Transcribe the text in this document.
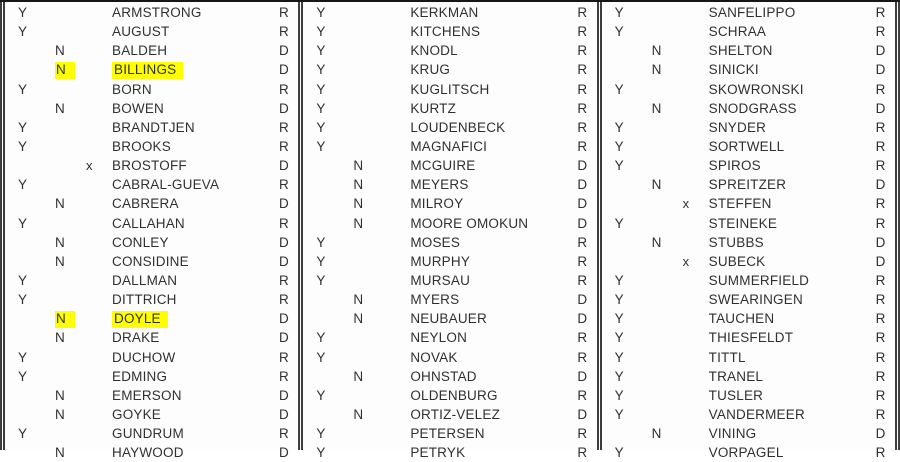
Y	ARMSTRONG	R
Y	AUGUST	R
N	BALDEH	D
N	BILLINGS	D
Y	BORN	R
N	BOWEN	D
Y	BRANDTJEN	R
Y	BROOKS	R
x	BROSTOFF	D
Y	CABRAL-GUEVA	R
N	CABRERA	D
Y	CALLAHAN	R
N	CONLEY	D
N	CONSIDINE	D
Y	DALLMAN	R
Y	DITTRICH	R
N	DOYLE	D
N	DRAKE	D
Y	DUCHOW	R
Y	EDMING	R
N	EMERSON	D
N	GOYKE	D
Y	GUNDRUM	R
N	HAYWOOD	D
Y	KERKMAN	R
Y	KITCHENS	R
Y	KNODL	R
Y	KRUG	R
Y	KUGLITSCH	R
Y	KURTZ	R
Y	LOUDENBECK	R
Y	MAGNAFICI	R
N	MCGUIRE	D
N	MEYERS	D
N	MILROY	D
N	MOORE OMOKUN	D
Y	MOSES	R
Y	MURPHY	R
Y	MURSAU	R
N	MYERS	D
N	NEUBAUER	D
Y	NEYLON	R
Y	NOVAK	R
N	OHNSTAD	D
Y	OLDENBURG	R
N	ORTIZ-VELEZ	D
Y	PETERSEN	R
Y	PETRYK	R
Y	SANFELIPPO	R
Y	SCHRAA	R
N	SHELTON	D
N	SINICKI	D
Y	SKOWRONSKI	R
N	SNODGRASS	D
Y	SNYDER	R
Y	SORTWELL	R
Y	SPIROS	R
N	SPREITZER	D
x	STEFFEN	R
Y	STEINEKE	R
N	STUBBS	D
x	SUBECK	D
Y	SUMMERFIELD	R
Y	SWEARINGEN	R
Y	TAUCHEN	R
Y	THIESFELDT	R
Y	TITTL	R
Y	TRANEL	R
Y	TUSLER	R
Y	VANDERMEER	R
N	VINING	D
Y	VORPAGEL	R
